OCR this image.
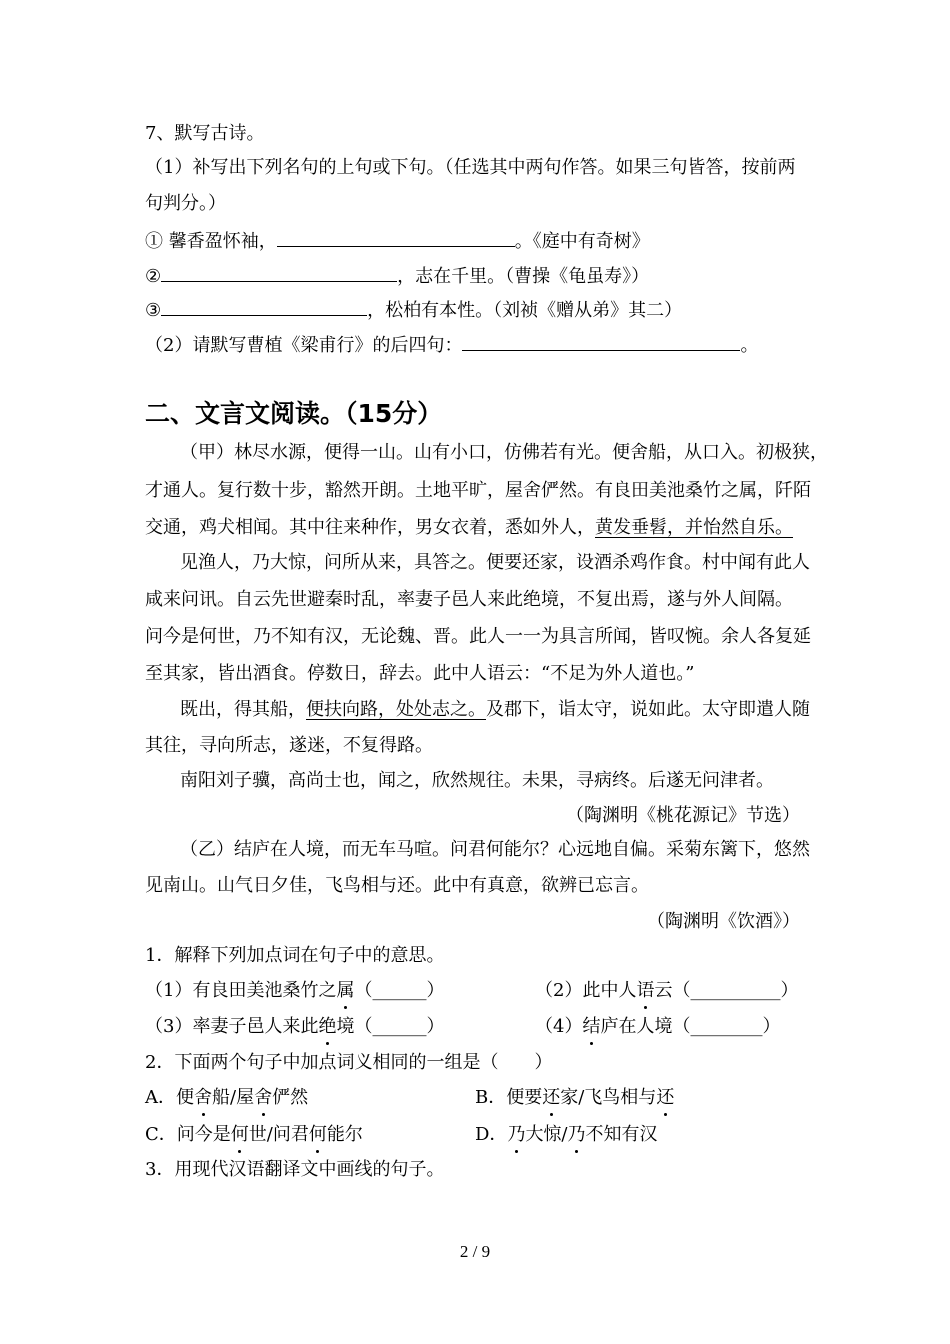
7、默写古诗。
（1）补写出下列名句的上句或下句。（任选其中两句作答。如果三句皆答，按前两
句判分。）
① 馨香盈怀袖，	。《庭中有奇树》
②	，志在千里。（曹操《龟虽寿》）
③	，松柏有本性。（刘祯《赠从弟》其二）
（2）请默写曹植《梁甫行》的后四句：	。
二、文言文阅读。（15分）
（甲）林尽水源，便得一山。山有小口，仿佛若有光。便舍船，从口入。初极狭，
才通人。复行数十步，豁然开朗。土地平旷，屋舍俨然。有良田美池桑竹之属，阡陌
交通，鸡犬相闻。其中往来种作，男女衣着，悉如外人，黄发垂髫，并怡然自乐。
见渔人，乃大惊，问所从来，具答之。便要还家，设酒杀鸡作食。村中闻有此人
咸来问讯。自云先世避秦时乱，率妻子邑人来此绝境，不复出焉，遂与外人间隔。
问今是何世，乃不知有汉，无论魏、晋。此人一一为具言所闻，皆叹惋。余人各复延
至其家，皆出酒食。停数日，辞去。此中人语云：“不足为外人道也。”
既出，得其船，便扶向路，处处志之。及郡下，诣太守，说如此。太守即遣人随
其往，寻向所志，遂迷，不复得路。
南阳刘子骥，高尚士也，闻之，欣然规往。未果，寻病终。后遂无问津者。
（陶渊明《桃花源记》节选）
（乙）结庐在人境，而无车马喧。问君何能尔？心远地自偏。采菊东篱下，悠然
见南山。山气日夕佳，飞鸟相与还。此中有真意，欲辨已忘言。
（陶渊明《饮酒》）
1．解释下列加点词在句子中的意思。
（1）有良田美池桑竹之属（______）	（2）此中人语云（__________）
（3）率妻子邑人来此绝境（______）	（4）结庐在人境（________）
2．下面两个句子中加点词义相同的一组是（　　）
A．便舍船/屋舍俨然	B．便要还家/飞鸟相与还
C．问今是何世/问君何能尔	D．乃大惊/乃不知有汉
3．用现代汉语翻译文中画线的句子。
2 / 9
